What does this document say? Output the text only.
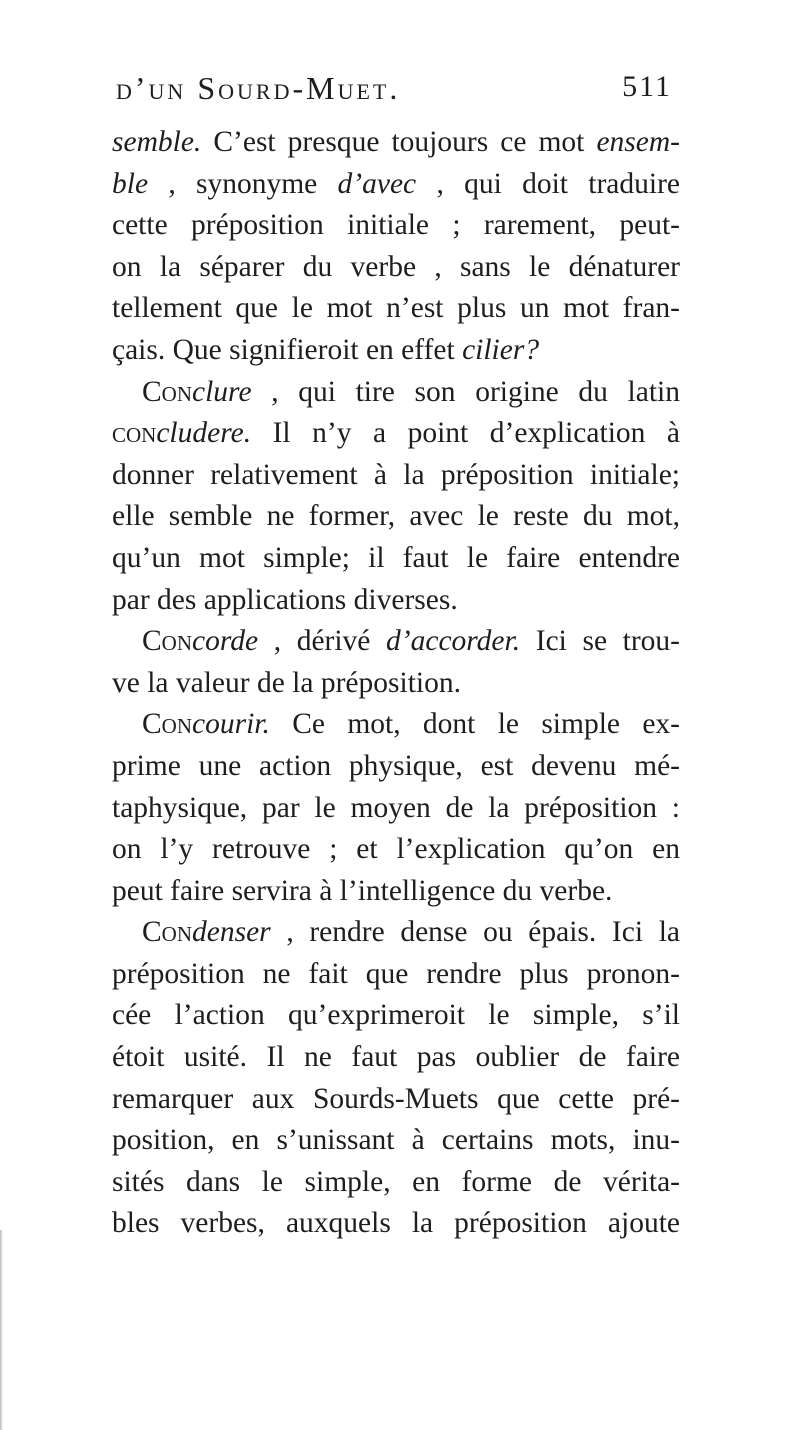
d’un Sourd-Muet.	511
semble. C’est presque toujours ce mot ensem-
ble , synonyme d’avec , qui doit traduire
cette préposition initiale ; rarement, peut-
on la séparer du verbe , sans le dénaturer
tellement que le mot n’est plus un mot fran-
çais. Que signifieroit en effet cilier?
Conclure , qui tire son origine du latin
concludere. Il n’y a point d’explication à
donner relativement à la préposition initiale;
elle semble ne former, avec le reste du mot,
qu’un mot simple; il faut le faire entendre
par des applications diverses.
Concorde , dérivé d’accorder. Ici se trou-
ve la valeur de la préposition.
Concourir. Ce mot, dont le simple ex-
prime une action physique, est devenu mé-
taphysique, par le moyen de la préposition :
on l’y retrouve ; et l’explication qu’on en
peut faire servira à l’intelligence du verbe.
Condenser , rendre dense ou épais. Ici la
préposition ne fait que rendre plus pronon-
cée l’action qu’exprimeroit le simple, s’il
étoit usité. Il ne faut pas oublier de faire
remarquer aux Sourds-Muets que cette pré-
position, en s’unissant à certains mots, inu-
sités dans le simple, en forme de vérita-
bles verbes, auxquels la préposition ajoute
